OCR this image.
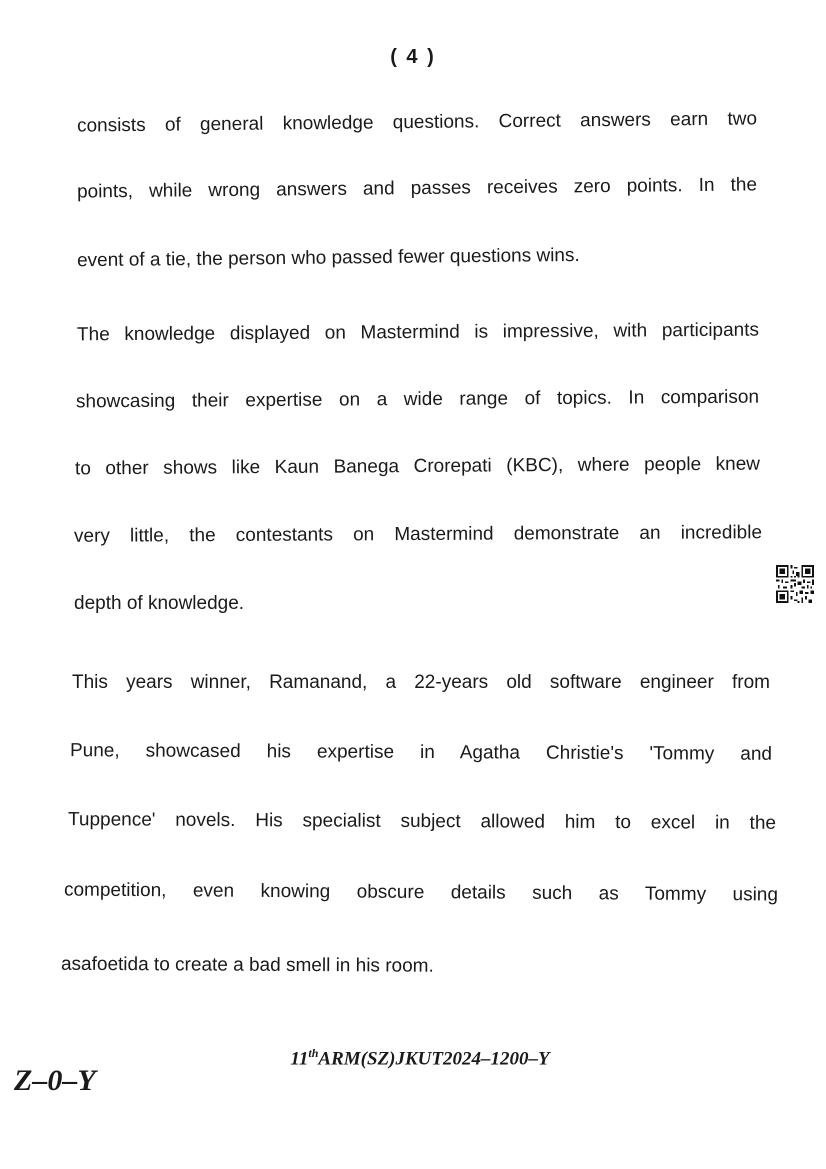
( 4 )
consists of general knowledge questions. Correct answers earn two
points, while wrong answers and passes receives zero points. In the
event of a tie, the person who passed fewer questions wins.
The knowledge displayed on Mastermind is impressive, with participants
showcasing their expertise on a wide range of topics. In comparison
to other shows like Kaun Banega Crorepati (KBC), where people knew
very little, the contestants on Mastermind demonstrate an incredible
depth of knowledge.
This years winner, Ramanand, a 22-years old software engineer from
Pune, showcased his expertise in Agatha Christie's 'Tommy and
Tuppence' novels. His specialist subject allowed him to excel in the
competition, even knowing obscure details such as Tommy using
asafoetida to create a bad smell in his room.
11thARM(SZ)JKUT2024–1200–Y
Z–0–Y
